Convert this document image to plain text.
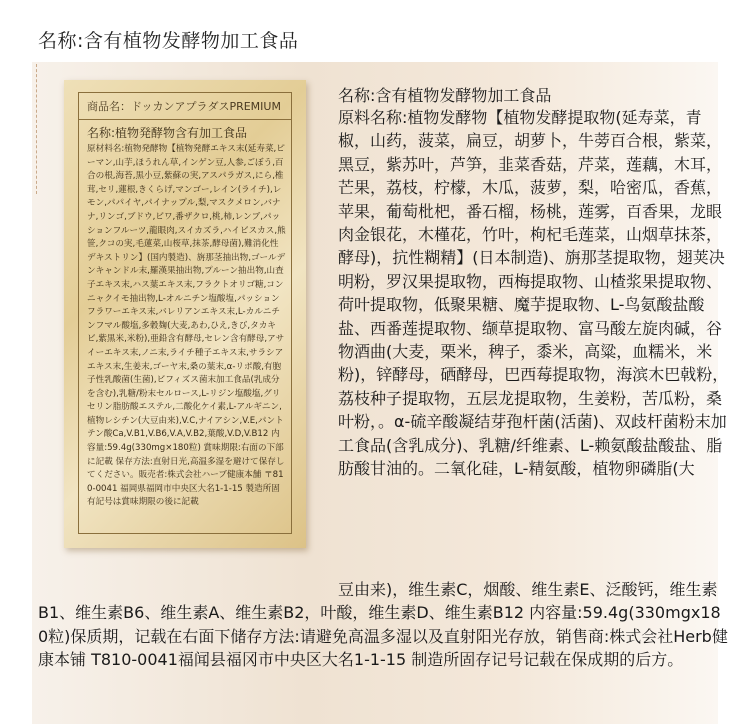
名称:含有植物发酵物加工食品
商品名：ドッカンアプラダスPREMIUM
名称:植物発酵物含有加工食品
原材料名:植物発酵物【植物発酵エキス末(延寿菜,ピーマン,山芋,ほうれん草,インゲン豆,人参,ごぼう,百合の根,海苔,黒小豆,紫蘇の実,アスパラガス,にら,椎茸,セリ,蓮根,きくらげ,マンゴー,レイン(ライチ),レモン,パパイヤ,パイナップル,梨,マスクメロン,バナナ,リンゴ,ブドウ,ビワ,番ザクロ,桃,柿,レンブ,パッションフルーツ,龍眼肉,スイカズラ,ハイビスカス,熊笹,クコの実,毛蓮菜,山桜草,抹茶,酵母菌),難消化性デキストリン】(国内製造)、旃那茎抽出物,ゴールデンキャンドル末,羅漢果抽出物,プルーン抽出物,山査子エキス末,ハス葉エキス末,フラクトオリゴ糖,コンニャクイモ抽出物,L-オルニチン塩酸塩,パッションフラワーエキス末,バレリアンエキス末,L-カルニチンフマル酸塩,多穀麹(大麦,あわ,ひえ,きび,タカキビ,紫黒米,米粉),亜鉛含有酵母,セレン含有酵母,アサイーエキス末,ノニ末,ライチ種子エキス末,サラシアエキス末,生姜末,ゴーヤ末,桑の葉末,α-リポ酸,有胞子性乳酸菌(生菌),ビフィズス菌末加工食品(乳成分を含む),乳糖/粉末セルロース,L-リジン塩酸塩,グリセリン脂肪酸エステル,二酸化ケイ素,L-アルギニン,植物レシチン(大豆由来),V.C,ナイアシン,V.E,パントテン酸Ca,V.B1,V.B6,V.A,V.B2,葉酸,V.D,V.B12 内容量:59.4g(330mg×180粒) 賞味期限:右面の下部に記載 保存方法:直射日光,高温多湿を避けて保存してください。販売者:株式会社ハーブ健康本舗 〒810-0041 福岡県福岡市中央区大名1-1-15 製造所固有記号は賞味期限の後に記載
名称:含有植物发酵物加工食品
原料名称:植物发酵物【植物发酵提取物(延寿菜，青椒，山药，菠菜，扁豆，胡萝卜，牛蒡百合根，紫菜，黑豆，紫苏叶，芦笋，韭菜香菇，芹菜，莲藕，木耳，芒果，荔枝，柠檬，木瓜，菠萝，梨，哈密瓜，香蕉，苹果，葡萄枇杷，番石榴，杨桃，莲雾，百香果，龙眼肉金银花，木槿花，竹叶，枸杞毛莲菜，山烟草抹茶，酵母)，抗性糊精】(日本制造)、旃那茎提取物，翅荚决明粉，罗汉果提取物，西梅提取物、山楂浆果提取物、荷叶提取物，低聚果糖、魔芋提取物、L-鸟氨酸盐酸盐、西番莲提取物、缬草提取物、富马酸左旋肉碱，谷物酒曲(大麦，栗米，稗子，黍米，高粱，血糯米，米粉)，锌酵母，硒酵母，巴西莓提取物，海滨木巴戟粉，荔枝种子提取物，五层龙提取物，生姜粉，苦瓜粉，桑叶粉，。α-硫辛酸凝结芽孢杆菌(活菌)、双歧杆菌粉末加工食品(含乳成分)、乳糖/纤维素、L-赖氨酸盐酸盐、脂肪酸甘油的。二氧化硅，L-精氨酸，植物卵磷脂(大
豆由来)，维生素C，烟酸、维生素E、泛酸钙，维生素B1、维生素B6、维生素A、维生素B2，叶酸，维生素D、维生素B12 内容量:59.4g(330mgx180粒)保质期，记载在右面下储存方法:请避免高温多湿以及直射阳光存放，销售商:株式会社Herb健康本铺 T810-0041福闻县福冈市中央区大名1-1-15 制造所固存记号记载在保成期的后方。
